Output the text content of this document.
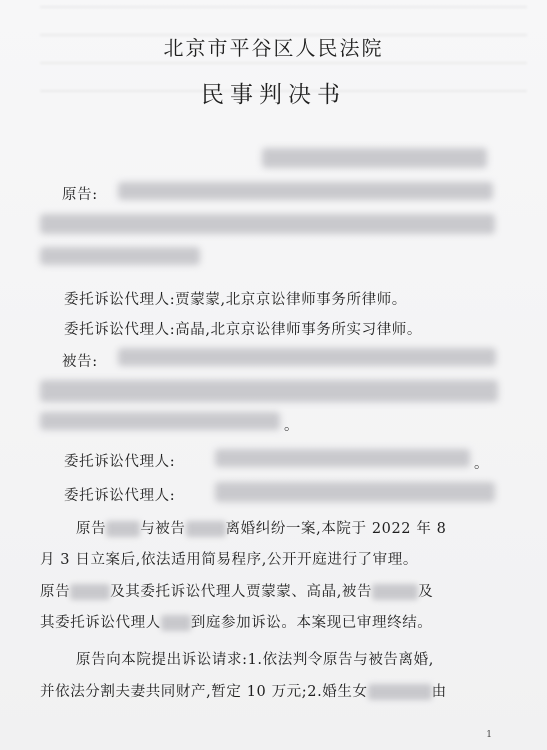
北京市平谷区人民法院
民事判决书
原告:
委托诉讼代理人:贾蒙蒙,北京京讼律师事务所律师。
委托诉讼代理人:高晶,北京京讼律师事务所实习律师。
被告:
。
委托诉讼代理人:	。
委托诉讼代理人:
原告 与被告	离婚纠纷一案,本院于 2022 年 8
月 3 日立案后,依法适用简易程序,公开开庭进行了审理。
原告	及其委托诉讼代理人贾蒙蒙、高晶,被告	及
其委托诉讼代理人 到庭参加诉讼。本案现已审理终结。
原告向本院提出诉讼请求:1.依法判令原告与被告离婚,
并依法分割夫妻共同财产,暂定 10 万元;2.婚生女	由
1
